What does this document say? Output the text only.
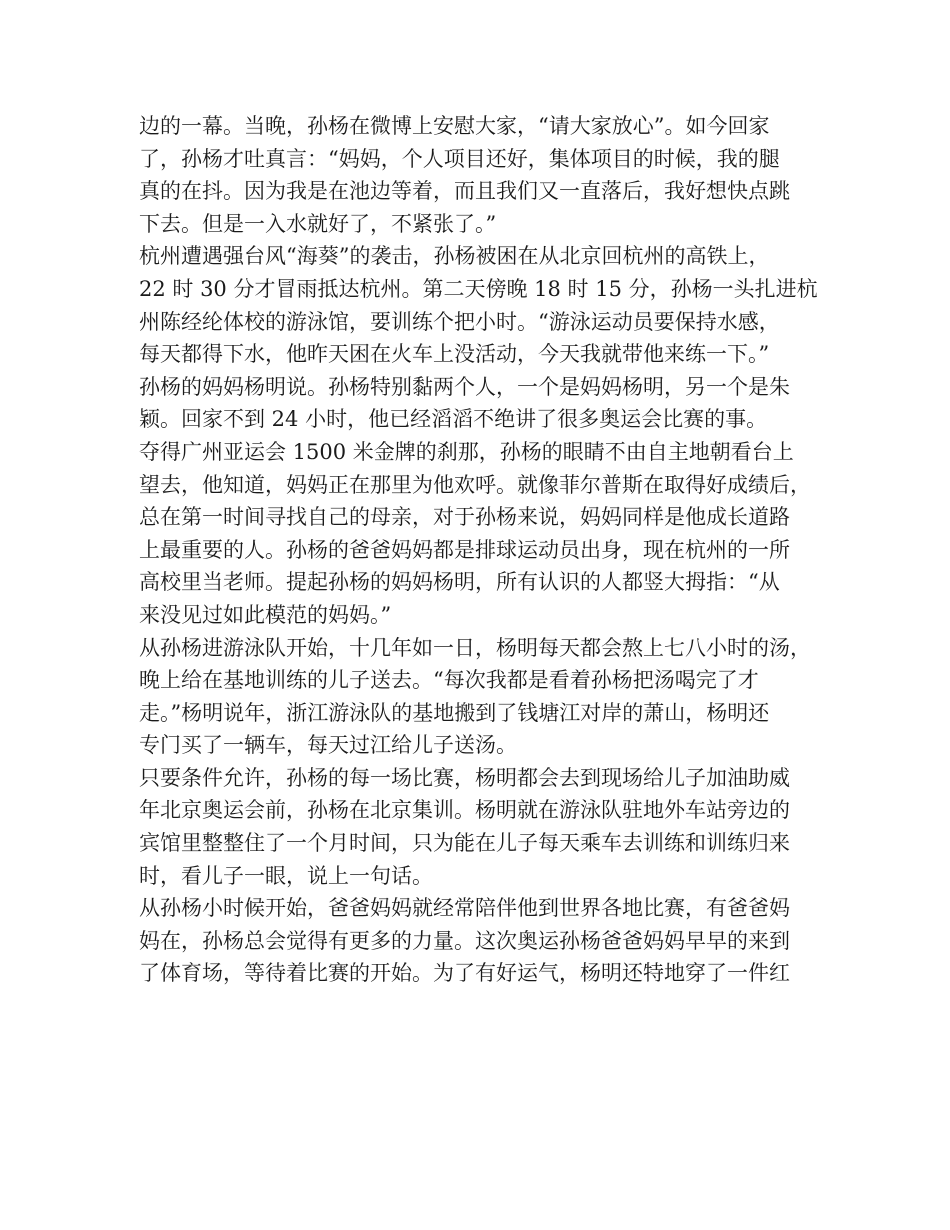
边的一幕。当晚，孙杨在微博上安慰大家，“请大家放心”。如今回家
了，孙杨才吐真言：“妈妈，个人项目还好，集体项目的时候，我的腿
真的在抖。因为我是在池边等着，而且我们又一直落后，我好想快点跳
下去。但是一入水就好了，不紧张了。”
杭州遭遇强台风“海葵”的袭击，孙杨被困在从北京回杭州的高铁上，
22 时 30 分才冒雨抵达杭州。第二天傍晚 18 时 15 分，孙杨一头扎进杭
州陈经纶体校的游泳馆，要训练个把小时。“游泳运动员要保持水感，
每天都得下水，他昨天困在火车上没活动，今天我就带他来练一下。”
孙杨的妈妈杨明说。孙杨特别黏两个人，一个是妈妈杨明，另一个是朱
颖。回家不到 24 小时，他已经滔滔不绝讲了很多奥运会比赛的事。
夺得广州亚运会 1500 米金牌的刹那，孙杨的眼睛不由自主地朝看台上
望去，他知道，妈妈正在那里为他欢呼。就像菲尔普斯在取得好成绩后，
总在第一时间寻找自己的母亲，对于孙杨来说，妈妈同样是他成长道路
上最重要的人。孙杨的爸爸妈妈都是排球运动员出身，现在杭州的一所
高校里当老师。提起孙杨的妈妈杨明，所有认识的人都竖大拇指：“从
来没见过如此模范的妈妈。”
从孙杨进游泳队开始，十几年如一日，杨明每天都会熬上七八小时的汤，
晚上给在基地训练的儿子送去。“每次我都是看着孙杨把汤喝完了才
走。”杨明说年，浙江游泳队的基地搬到了钱塘江对岸的萧山，杨明还
专门买了一辆车，每天过江给儿子送汤。
只要条件允许，孙杨的每一场比赛，杨明都会去到现场给儿子加油助威
年北京奥运会前，孙杨在北京集训。杨明就在游泳队驻地外车站旁边的
宾馆里整整住了一个月时间，只为能在儿子每天乘车去训练和训练归来
时，看儿子一眼，说上一句话。
从孙杨小时候开始，爸爸妈妈就经常陪伴他到世界各地比赛，有爸爸妈
妈在，孙杨总会觉得有更多的力量。这次奥运孙杨爸爸妈妈早早的来到
了体育场，等待着比赛的开始。为了有好运气，杨明还特地穿了一件红
